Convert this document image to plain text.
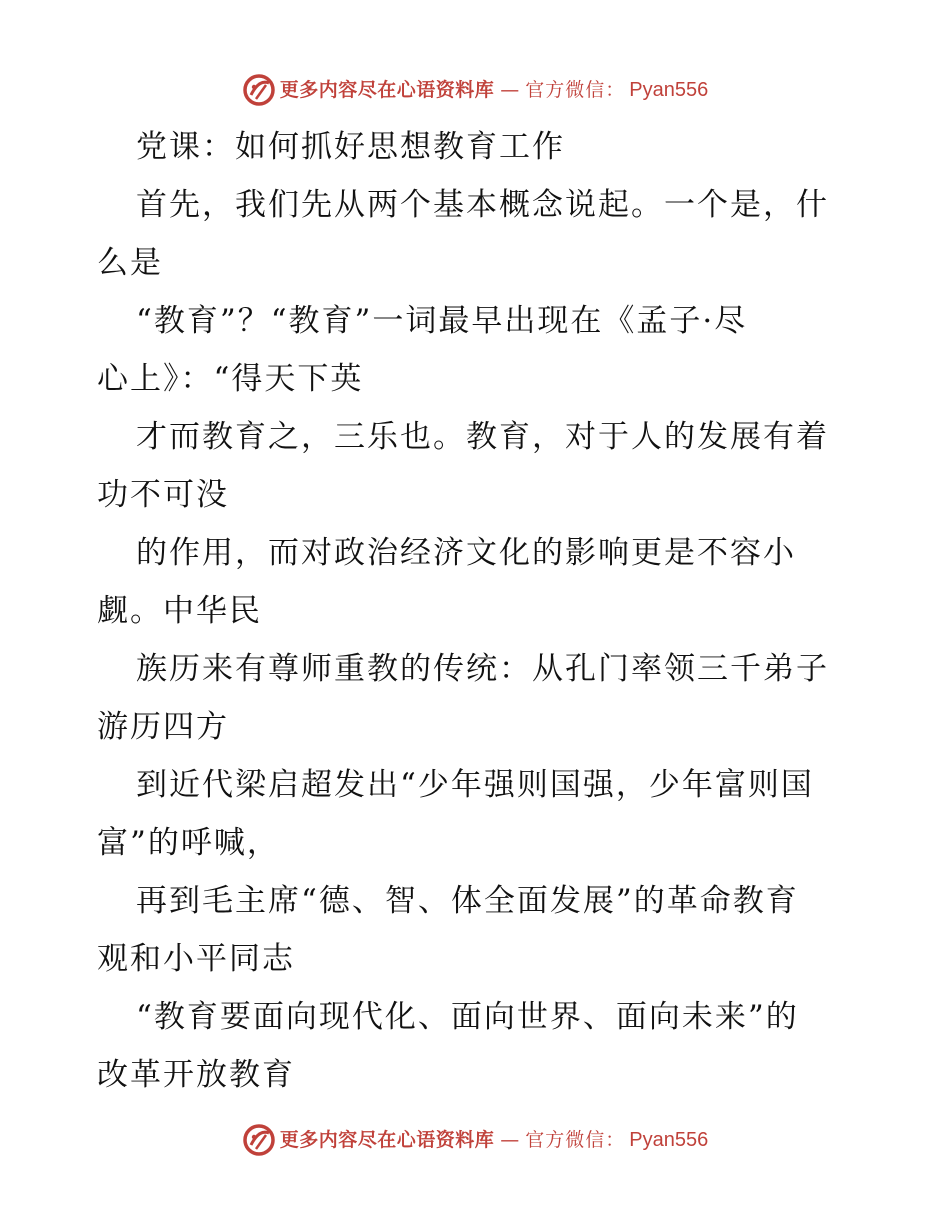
更多内容尽在心语资料库 — 官方微信： Pyan556
党课：如何抓好思想教育工作
首先，我们先从两个基本概念说起。一个是，什
么是
“教育”？“教育”一词最早出现在《孟子·尽
心上》：“得天下英
才而教育之，三乐也。教育，对于人的发展有着
功不可没
的作用，而对政治经济文化的影响更是不容小
觑。中华民
族历来有尊师重教的传统：从孔门率领三千弟子
游历四方
到近代梁启超发出“少年强则国强，少年富则国
富”的呼喊，
再到毛主席“德、智、体全面发展”的革命教育
观和小平同志
“教育要面向现代化、面向世界、面向未来”的
改革开放教育
更多内容尽在心语资料库 — 官方微信： Pyan556
